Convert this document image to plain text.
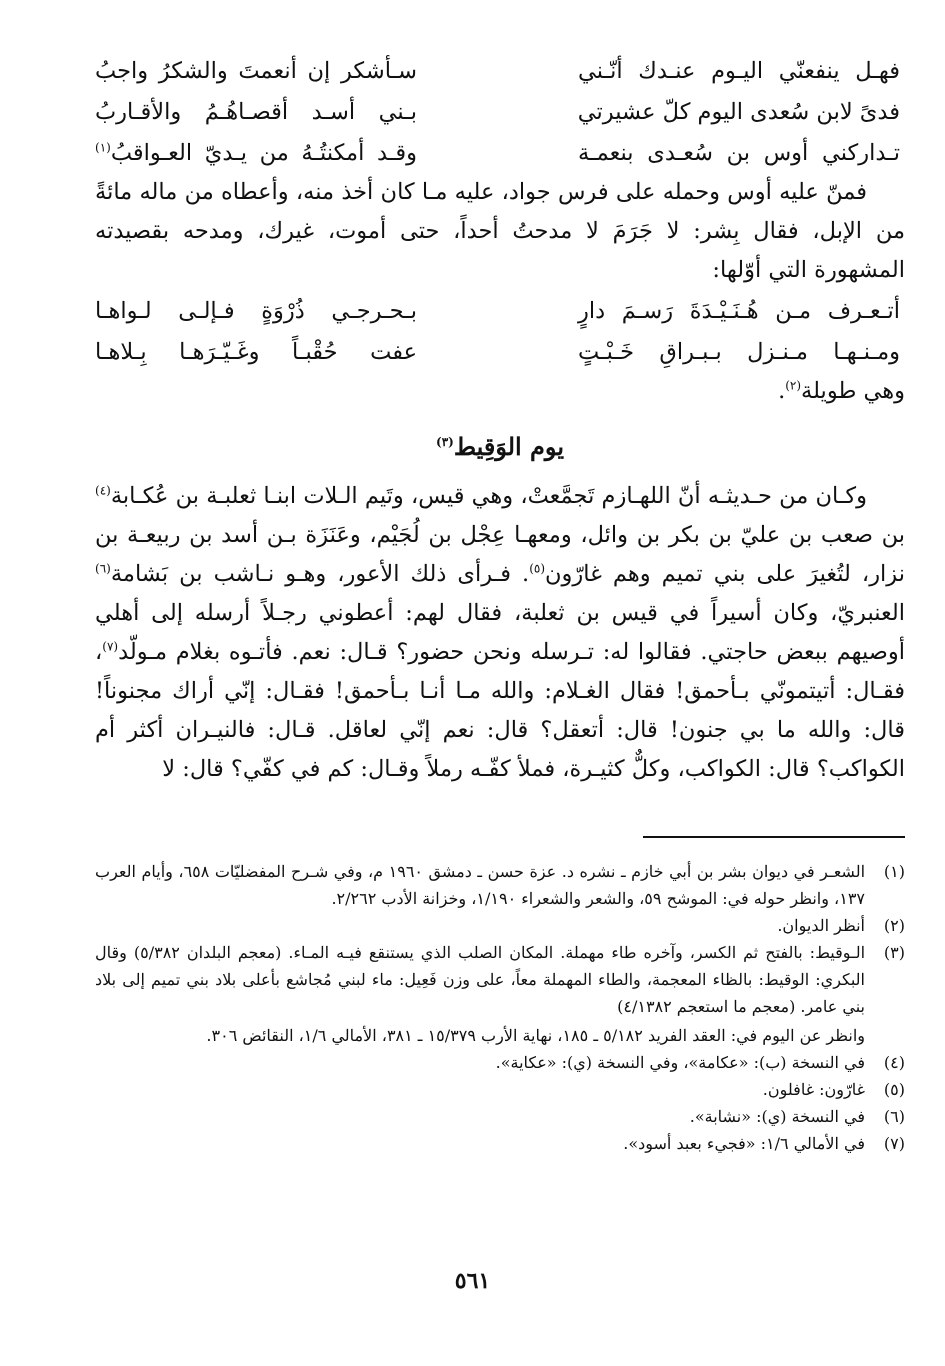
فهـل ينفعنّي اليـوم عنـدك أنّـني
سـأشكر إن أنعمتَ والشكرُ واجبُ
فدىً لابن سُعدى اليوم كلّ عشيرتي
بـني أسـد أقصـاهُـمُ والأقـاربُ
تـداركني أوس بن سُعـدى بنعمـة
وقـد أمكنتُـهُ من يـديّ العـواقبُ$^{(١)}$

فمنّ عليه أوس وحمله على فرس جواد، عليه مـا كان أخذ منه، وأعطاه من ماله مائةً من الإبل، فقال بِشر: لا جَرَمَ لا مدحتُ أحداً، حتى أموت، غيرك، ومدحه بقصيدته المشهورة التي أوّلها:

أتـعـرف مـن هُـنَـيْـدَةَ رَسـمَ دارٍ
بـحـرجـي ذُرْوَةٍ فـإلـى لـواهـا
ومـنـهـا مـنـزل بـبـراقِ خَـبْـتٍ
عفت حُقْبـاً وغَـيّـرَهـا بِـلاهـا

وهي طويلة$^{(٢)}$.

يوم الوَقِيط$^{(٣)}$

وكـان من حـديثـه أنّ اللهـازم تَجمَّعتْ، وهي قيس، وتَيم الـلات ابنـا ثعلبـة بن عُكـابة$^{(٤)}$ بن صعب بن عليّ بن بكر بن وائل، ومعهـا عِجْل بن لُجَيْم، وعَنَزَة بـن أسد بن ربيعـة بن نزار، لتُغيرَ على بني تميم وهم غارّون$^{(٥)}$. فـرأى ذلك الأعور، وهـو نـاشب بن بَشامة$^{(٦)}$ العنبريّ، وكان أسيراً في قيس بن ثعلبة، فقال لهم: أعطوني رجـلاً أرسله إلى أهلي أوصيهم ببعض حاجتي. فقالوا له: تـرسله ونحن حضور؟ قـال: نعم. فأتـوه بغلام مـولّد$^{(٧)}$، فقـال: أتيتمونّي بـأحمق! فقال الغـلام: والله مـا أنـا بـأحمق! فقـال: إنّي أراك مجنوناً! قال: والله ما بي جنون! قال: أتعقل؟ قال: نعم إنّي لعاقل. قـال: فالنيـران أكثر أم الكواكب؟ قال: الكواكب، وكلٌّ كثيـرة، فملأ كفّـه رملاً وقـال: كم في كفّي؟ قال: لا

(١)
الشعـر في ديوان بشر بن أبي خازم ـ نشره د. عزة حسن ـ دمشق ١٩٦٠ م، وفي شـرح المفضليّات ٦٥٨، وأيام العرب ١٣٧، وانظر حوله في: الموشح ٥٩، والشعر والشعراء ١/١٩٠، وخزانة الأدب ٢/٢٦٢.
(٢)
أنظر الديوان.
(٣)
الـوقيط: بالفتح ثم الكسر، وآخره طاء مهملة. المكان الصلب الذي يستنقع فيـه المـاء. (معجم البلدان ٥/٣٨٢) وقال البكري: الوقيط: بالظاء المعجمة، والطاء المهملة معاً، على وزن فَعِيل: ماء لبني مُجاشع بأعلى بلاد بني تميم إلى بلاد بني عامر. (معجم ما استعجم ٤/١٣٨٢)
وانظر عن اليوم في: العقد الفريد ٥/١٨٢ ـ ١٨٥، نهاية الأرب ١٥/٣٧٩ ـ ٣٨١، الأمالي ١/٦، النقائض ٣٠٦.
(٤)
في النسخة (ب): «عكامة»، وفي النسخة (ي): «عكاية».
(٥)
غارّون: غافلون.
(٦)
في النسخة (ي): «نشابة».
(٧)
في الأمالي ١/٦: «فجيء بعبد أسود».
٥٦١
